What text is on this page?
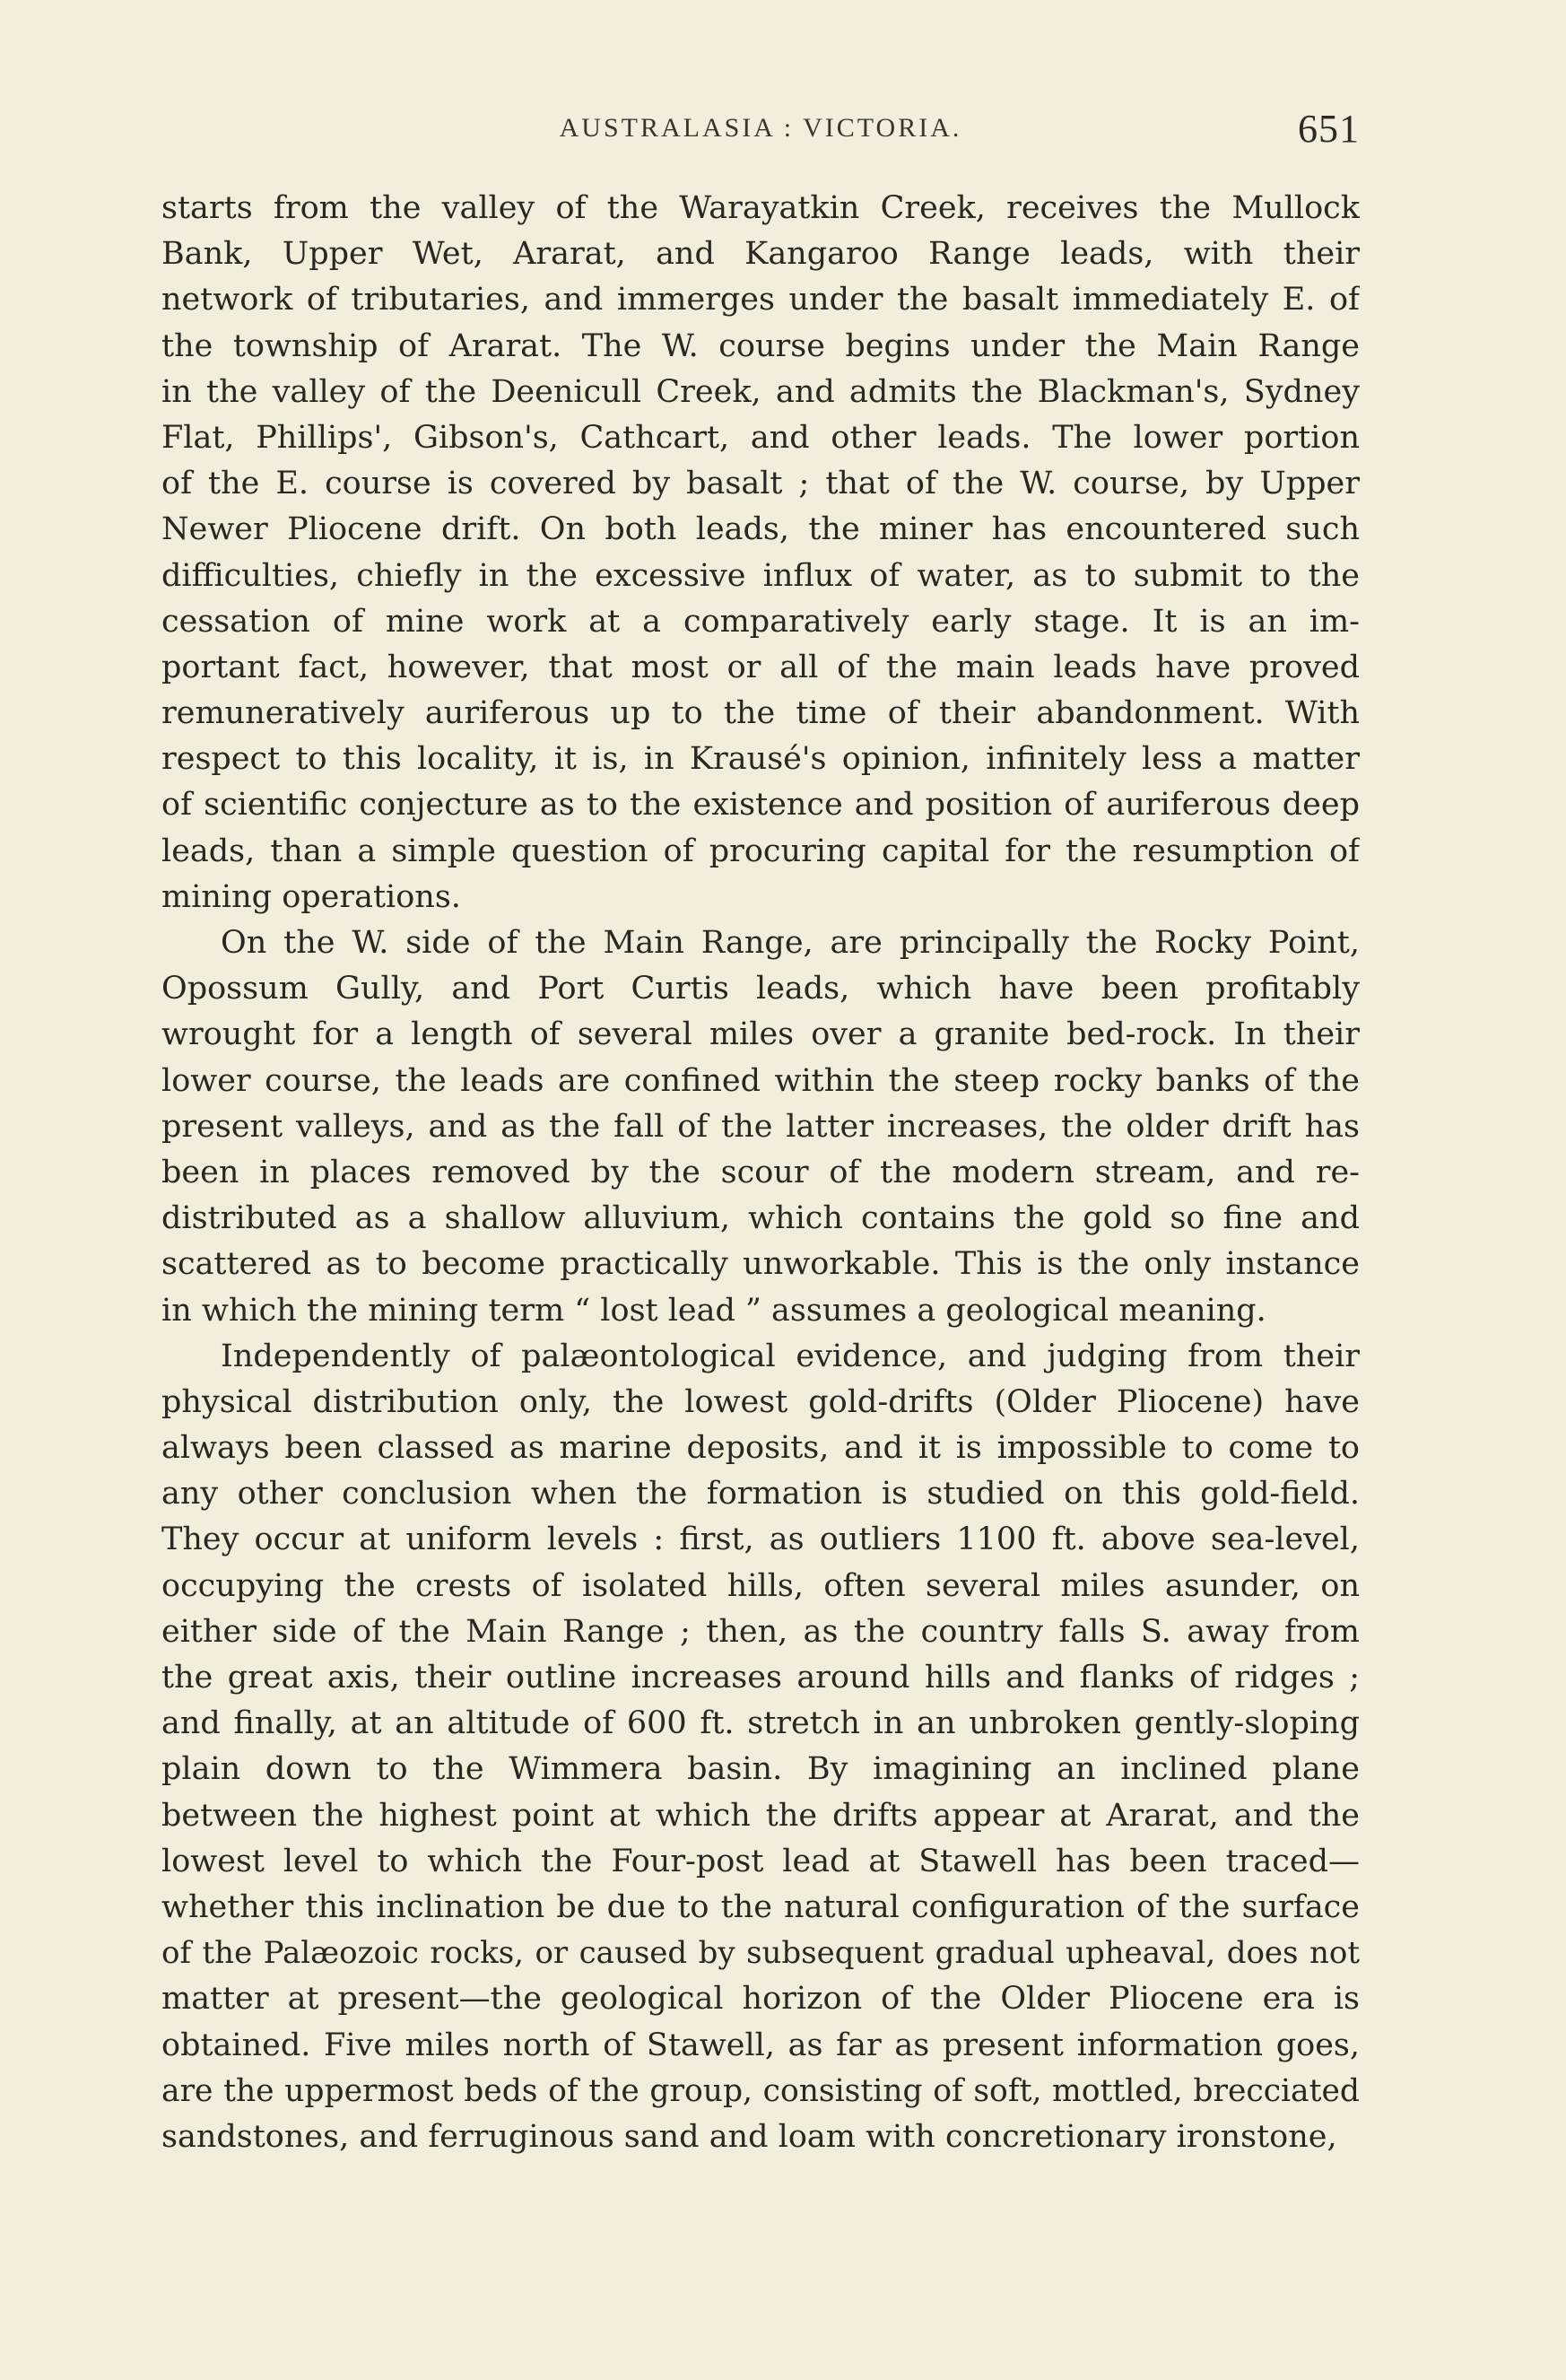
AUSTRALASIA : VICTORIA.	651
starts from the valley of the Warayatkin Creek, receives the Mullock
Bank, Upper Wet, Ararat, and Kangaroo Range leads, with their
network of tributaries, and immerges under the basalt immediately E. of
the township of Ararat. The W. course begins under the Main Range
in the valley of the Deenicull Creek, and admits the Blackman's, Sydney
Flat, Phillips', Gibson's, Cathcart, and other leads. The lower portion
of the E. course is covered by basalt ; that of the W. course, by Upper
Newer Pliocene drift. On both leads, the miner has encountered such
difficulties, chiefly in the excessive influx of water, as to submit to the
cessation of mine work at a comparatively early stage. It is an im-
portant fact, however, that most or all of the main leads have proved
remuneratively auriferous up to the time of their abandonment. With
respect to this locality, it is, in Krausé's opinion, infinitely less a matter
of scientific conjecture as to the existence and position of auriferous deep
leads, than a simple question of procuring capital for the resumption of
mining operations.
On the W. side of the Main Range, are principally the Rocky Point,
Opossum Gully, and Port Curtis leads, which have been profitably
wrought for a length of several miles over a granite bed-rock. In their
lower course, the leads are confined within the steep rocky banks of the
present valleys, and as the fall of the latter increases, the older drift has
been in places removed by the scour of the modern stream, and re-
distributed as a shallow alluvium, which contains the gold so fine and
scattered as to become practically unworkable. This is the only instance
in which the mining term “ lost lead ” assumes a geological meaning.
Independently of palæontological evidence, and judging from their
physical distribution only, the lowest gold-drifts (Older Pliocene) have
always been classed as marine deposits, and it is impossible to come to
any other conclusion when the formation is studied on this gold-field.
They occur at uniform levels : first, as outliers 1100 ft. above sea-level,
occupying the crests of isolated hills, often several miles asunder, on
either side of the Main Range ; then, as the country falls S. away from
the great axis, their outline increases around hills and flanks of ridges ;
and finally, at an altitude of 600 ft. stretch in an unbroken gently-sloping
plain down to the Wimmera basin. By imagining an inclined plane
between the highest point at which the drifts appear at Ararat, and the
lowest level to which the Four-post lead at Stawell has been traced—
whether this inclination be due to the natural configuration of the surface
of the Palæozoic rocks, or caused by subsequent gradual upheaval, does not
matter at present—the geological horizon of the Older Pliocene era is
obtained. Five miles north of Stawell, as far as present information goes,
are the uppermost beds of the group, consisting of soft, mottled, brecciated
sandstones, and ferruginous sand and loam with concretionary ironstone,
